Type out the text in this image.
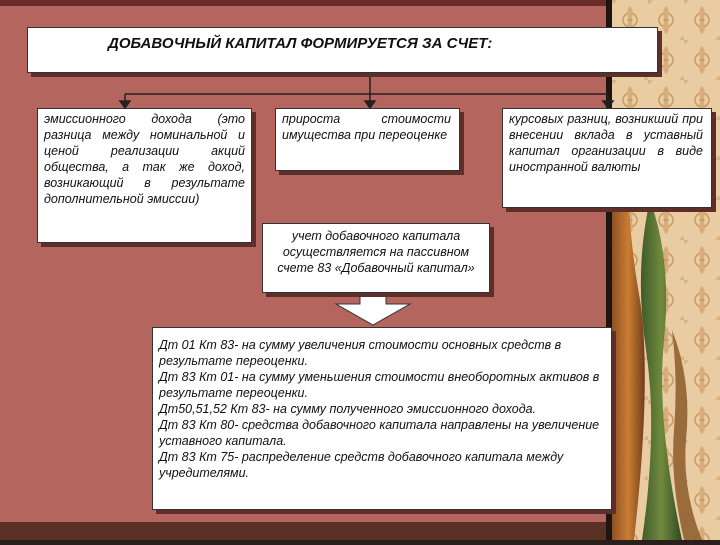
ДОБАВОЧНЫЙ КАПИТАЛ ФОРМИРУЕТСЯ ЗА СЧЕТ:
эмиссионного дохода (это разница между номинальной и ценой реализации акций общества, а так же доход, возникающий в результате дополнительной эмиссии)
прироста стоимости имущества при переоценке
курсовых разниц, возникший при внесении вклада в уставный капитал организации в виде иностранной валюты
учет добавочного капитала осуществляется на пассивном счете 83 «Добавочный капитал»
Дт 01 Кт 83- на сумму увеличения стоимости основных средств в результате переоценки.
Дт 83 Кт 01- на сумму уменьшения стоимости внеоборотных активов в результате переоценки.
Дт50,51,52 Кт 83- на сумму полученного эмиссионного дохода.
Дт 83 Кт 80- средства добавочного капитала направлены на увеличение уставного капитала.
Дт 83 Кт 75- распределение средств добавочного капитала между учредителями.
